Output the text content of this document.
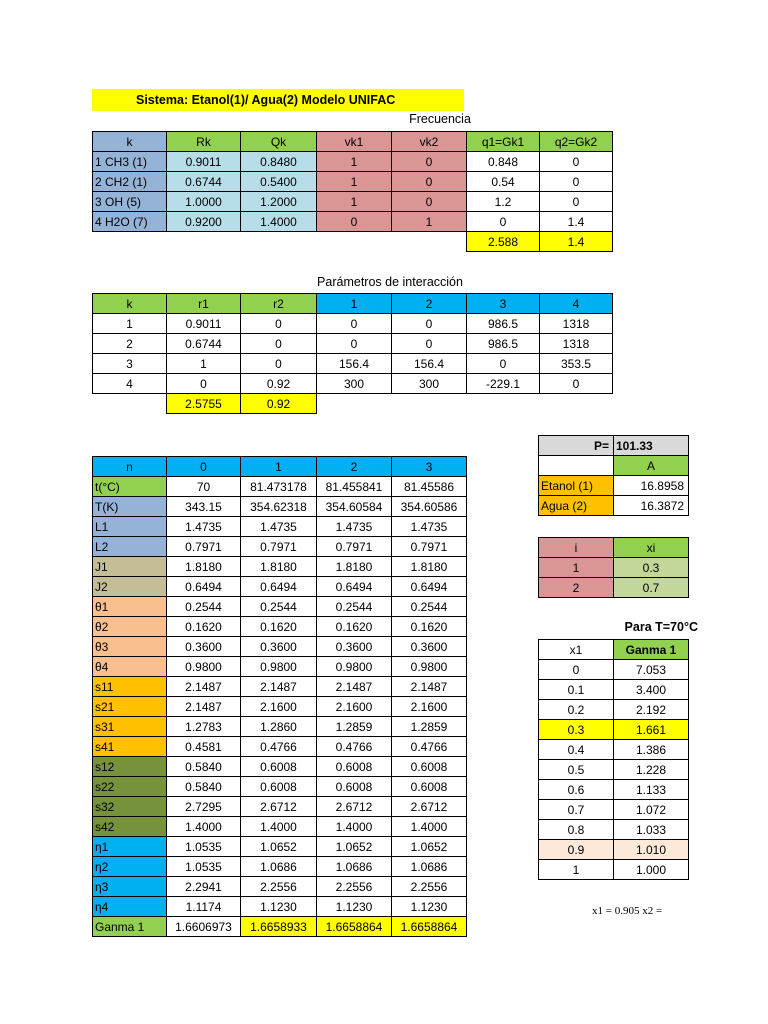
Sistema: Etanol(1)/ Agua(2) Modelo UNIFAC
Frecuencia
k	Rk	Qk	vk1	vk2	q1=Gk1	q2=Gk2
1 CH3 (1)	0.9011	0.8480	1	0	0.848	0
2 CH2 (1)	0.6744	0.5400	1	0	0.54	0
3 OH (5)	1.0000	1.2000	1	0	1.2	0
4 H2O (7)	0.9200	1.4000	0	1	0	1.4
					2.588	1.4
Parámetros de interacción
k	r1	r2	1	2	3	4
1	0.9011	0	0	0	986.5	1318
2	0.6744	0	0	0	986.5	1318
3	1	0	156.4	156.4	0	353.5
4	0	0.92	300	300	-229.1	0
	2.5755	0.92				
n	0	1	2	3
t(°C)	70	81.473178	81.455841	81.45586
T(K)	343.15	354.62318	354.60584	354.60586
L1	1.4735	1.4735	1.4735	1.4735
L2	0.7971	0.7971	0.7971	0.7971
J1	1.8180	1.8180	1.8180	1.8180
J2	0.6494	0.6494	0.6494	0.6494
θ1	0.2544	0.2544	0.2544	0.2544
θ2	0.1620	0.1620	0.1620	0.1620
θ3	0.3600	0.3600	0.3600	0.3600
θ4	0.9800	0.9800	0.9800	0.9800
s11	2.1487	2.1487	2.1487	2.1487
s21	2.1487	2.1600	2.1600	2.1600
s31	1.2783	1.2860	1.2859	1.2859
s41	0.4581	0.4766	0.4766	0.4766
s12	0.5840	0.6008	0.6008	0.6008
s22	0.5840	0.6008	0.6008	0.6008
s32	2.7295	2.6712	2.6712	2.6712
s42	1.4000	1.4000	1.4000	1.4000
η1	1.0535	1.0652	1.0652	1.0652
η2	1.0535	1.0686	1.0686	1.0686
η3	2.2941	2.2556	2.2556	2.2556
η4	1.1174	1.1230	1.1230	1.1230
Ganma 1	1.6606973	1.6658933	1.6658864	1.6658864
P=	101.33
	A
Etanol (1)	16.8958
Agua (2)	16.3872
i	xi
1	0.3
2	0.7
Para T=70°C
x1	Ganma 1
0	7.053
0.1	3.400
0.2	2.192
0.3	1.661
0.4	1.386
0.5	1.228
0.6	1.133
0.7	1.072
0.8	1.033
0.9	1.010
1	1.000
x1 = 0.905 x2 =
